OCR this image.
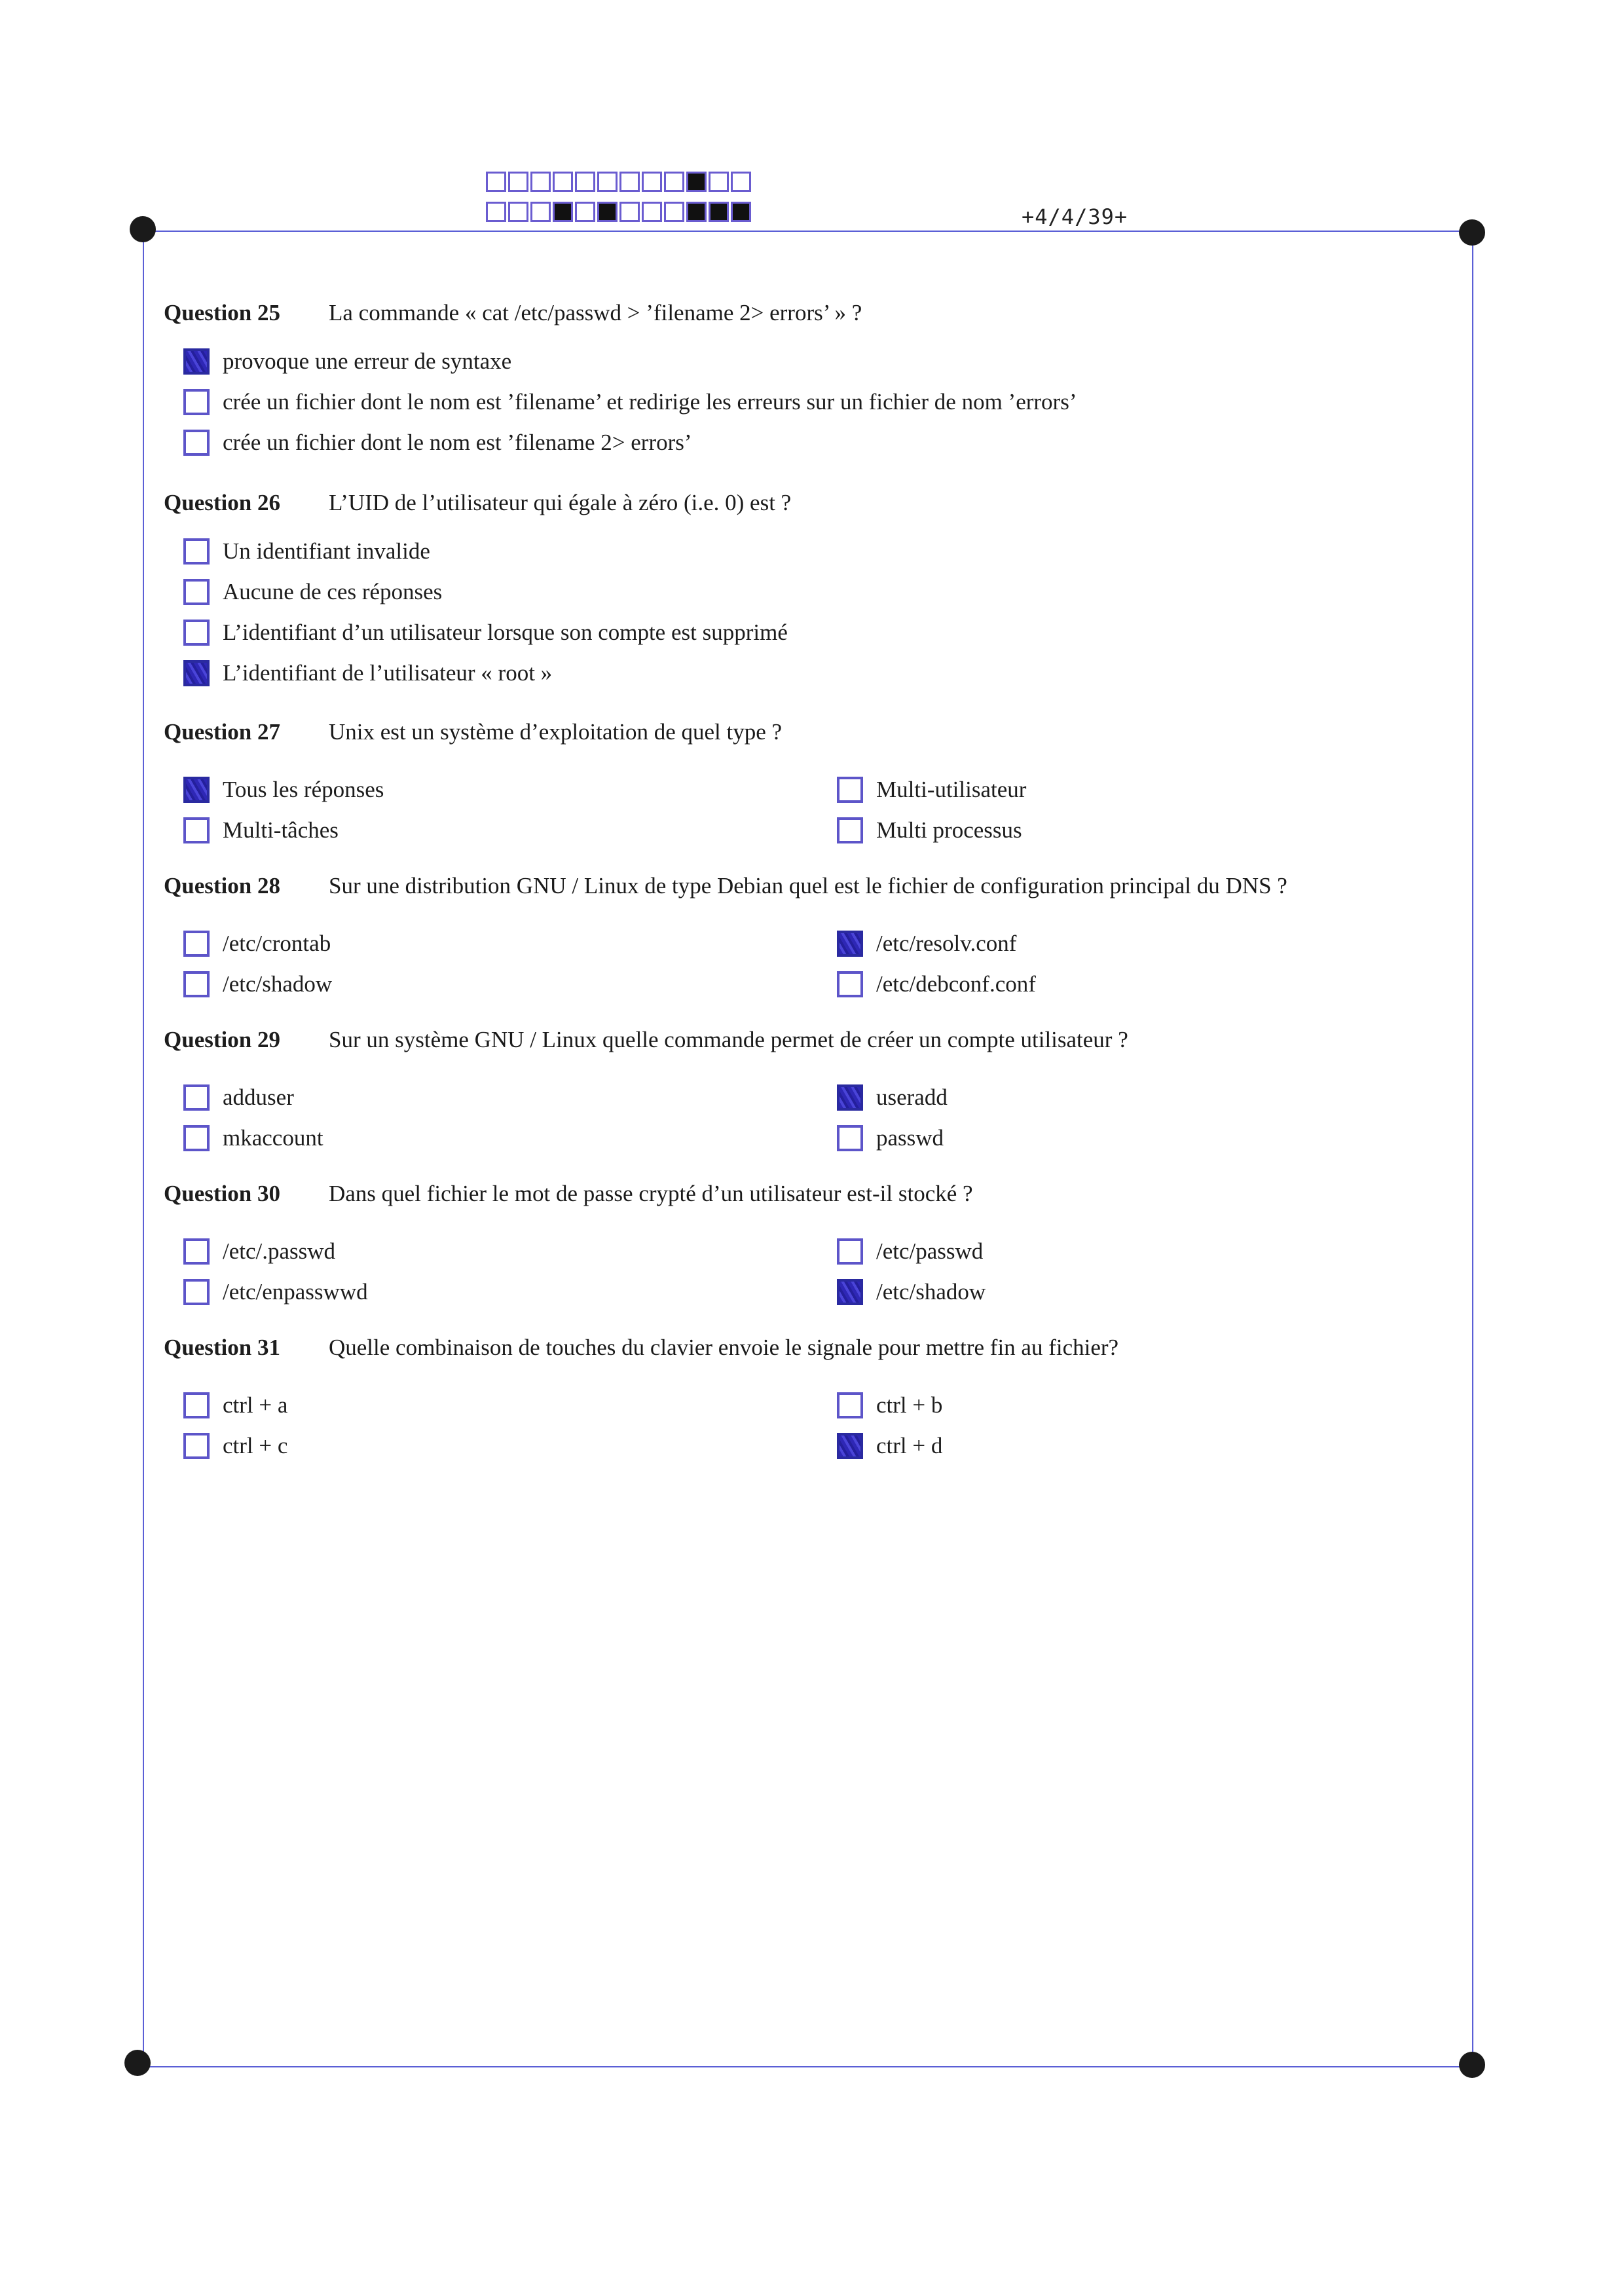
+4/4/39+
Question 25 La commande « cat /etc/passwd > ’filename 2> errors’ » ?
provoque une erreur de syntaxe
crée un fichier dont le nom est ’filename’ et redirige les erreurs sur un fichier de nom ’errors’
crée un fichier dont le nom est ’filename 2> errors’
Question 26 L’UID de l’utilisateur qui égale à zéro (i.e. 0) est ?
Un identifiant invalide
Aucune de ces réponses
L’identifiant d’un utilisateur lorsque son compte est supprimé
L’identifiant de l’utilisateur « root »
Question 27 Unix est un système d’exploitation de quel type ?
Tous les réponses
Multi-tâches
Multi-utilisateur
Multi processus
Question 28 Sur une distribution GNU / Linux de type Debian quel est le fichier de configuration principal du DNS ?
/etc/crontab
/etc/shadow
/etc/resolv.conf
/etc/debconf.conf
Question 29 Sur un système GNU / Linux quelle commande permet de créer un compte utilisateur ?
adduser
mkaccount
useradd
passwd
Question 30 Dans quel fichier le mot de passe crypté d’un utilisateur est-il stocké ?
/etc/.passwd
/etc/enpasswwd
/etc/passwd
/etc/shadow
Question 31 Quelle combinaison de touches du clavier envoie le signale pour mettre fin au fichier?
ctrl + a
ctrl + c
ctrl + b
ctrl + d
